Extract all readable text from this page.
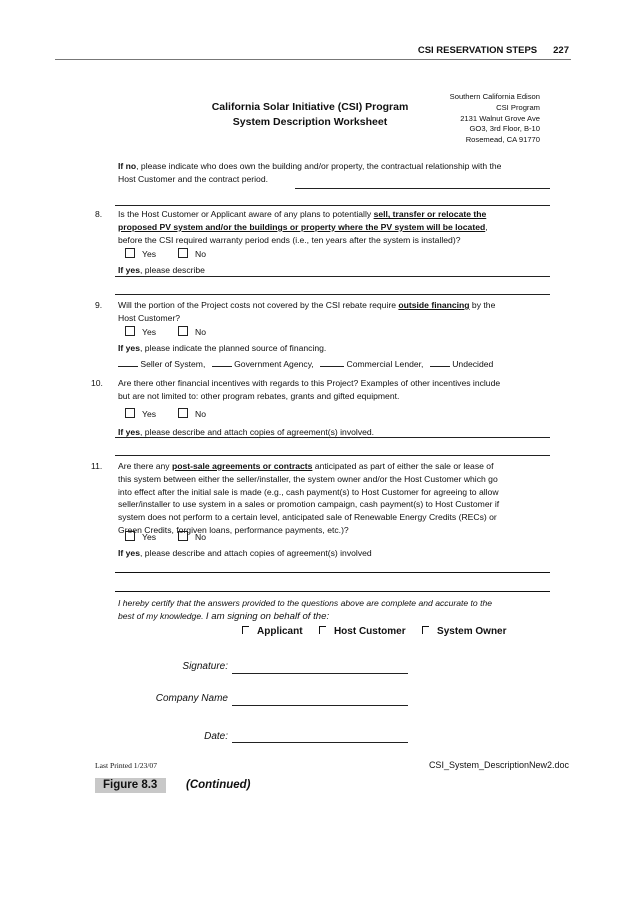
CSI RESERVATION STEPS 227
California Solar Initiative (CSI) Program
System Description Worksheet
Southern California Edison
CSI Program
2131 Walnut Grove Ave
GO3, 3rd Floor, B-10
Rosemead, CA 91770
If no, please indicate who does own the building and/or property, the contractual relationship with the
Host Customer and the contract period.
8. Is the Host Customer or Applicant aware of any plans to potentially sell, transfer or relocate the
proposed PV system and/or the buildings or property where the PV system will be located,
before the CSI required warranty period ends (i.e., ten years after the system is installed)?
Yes	No
If yes, please describe
9. Will the portion of the Project costs not covered by the CSI rebate require outside financing by the
Host Customer?
Yes	No
If yes, please indicate the planned source of financing.
Seller of System,	Government Agency,	Commercial Lender,	Undecided
10. Are there other financial incentives with regards to this Project? Examples of other incentives include
but are not limited to: other program rebates, grants and gifted equipment.
Yes	No
If yes, please describe and attach copies of agreement(s) involved.
11. Are there any post-sale agreements or contracts anticipated as part of either the sale or lease of
this system between either the seller/installer, the system owner and/or the Host Customer which go
into effect after the initial sale is made (e.g., cash payment(s) to Host Customer for agreeing to allow
seller/installer to use system in a sales or promotion campaign, cash payment(s) to Host Customer if
system does not perform to a certain level, anticipated sale of Renewable Energy Credits (RECs) or
Green Credits, forgiven loans, performance payments, etc.)?
Yes	No
If yes, please describe and attach copies of agreement(s) involved
I hereby certify that the answers provided to the questions above are complete and accurate to the
best of my knowledge. I am signing on behalf of the:
Applicant	Host Customer	System Owner
Signature:
Company Name
Date:
Last Printed 1/23/07	CSI_System_DescriptionNew2.doc
Figure 8.3	(Continued)
